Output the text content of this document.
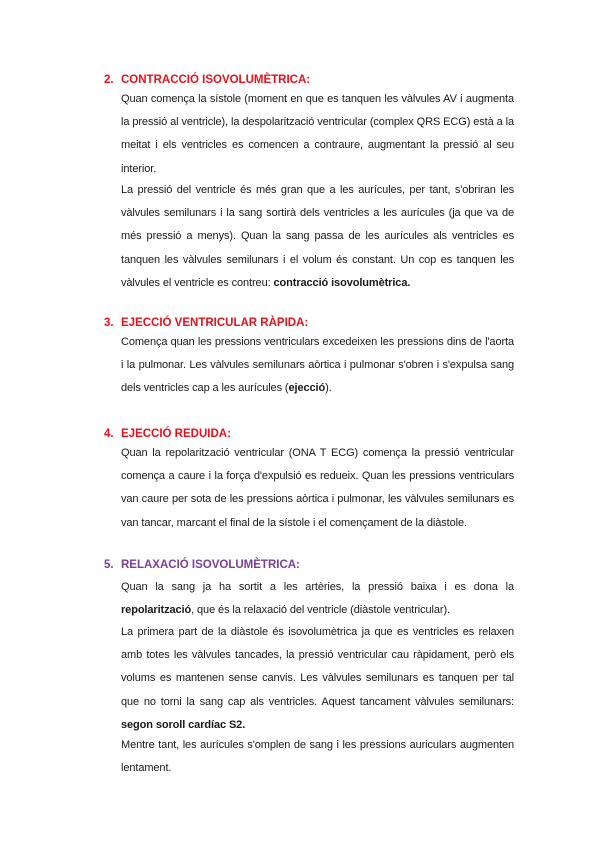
2. CONTRACCIÓ ISOVOLUMÈTRICA:
Quan comença la sístole (moment en que es tanquen les vàlvules AV i augmenta la pressió al ventricle), la despolarització ventricular (complex QRS ECG) està a la meitat i els ventricles es comencen a contraure, augmentant la pressió al seu interior.
La pressió del ventricle és més gran que a les aurícules, per tant, s'obriran les vàlvules semilunars i la sang sortirà dels ventricles a les aurícules (ja que va de més pressió a menys). Quan la sang passa de les aurícules als ventricles es tanquen les vàlvules semilunars i el volum és constant. Un cop es tanquen les vàlvules el ventricle es contreu: contracció isovolumètrica.
3. EJECCIÓ VENTRICULAR RÀPIDA:
Comença quan les pressions ventriculars excedeixen les pressions dins de l'aorta i la pulmonar. Les vàlvules semilunars aòrtica i pulmonar s'obren i s'expulsa sang dels ventricles cap a les aurícules (ejecció).
4. EJECCIÓ REDUIDA:
Quan la repolarització ventricular (ONA T ECG) comença la pressió ventricular comença a caure i la força d'expulsió es redueix. Quan les pressions ventriculars van caure per sota de les pressions aòrtica i pulmonar, les vàlvules semilunars es van tancar, marcant el final de la sístole i el començament de la diàstole.
5. RELAXACIÓ ISOVOLUMÈTRICA:
Quan la sang ja ha sortit a les artèries, la pressió baixa i es dona la repolarització, que és la relaxació del ventricle (diàstole ventricular).
La primera part de la diàstole és isovolumètrica ja que es ventricles es relaxen amb totes les vàlvules tancades, la pressió ventricular cau ràpidament, però els volums es mantenen sense canvis. Les vàlvules semilunars es tanquen per tal que no torni la sang cap als ventricles. Aquest tancament vàlvules semilunars: segon soroll cardíac S2.
Mentre tant, les aurícules s'omplen de sang i les pressions auriculars augmenten lentament.
